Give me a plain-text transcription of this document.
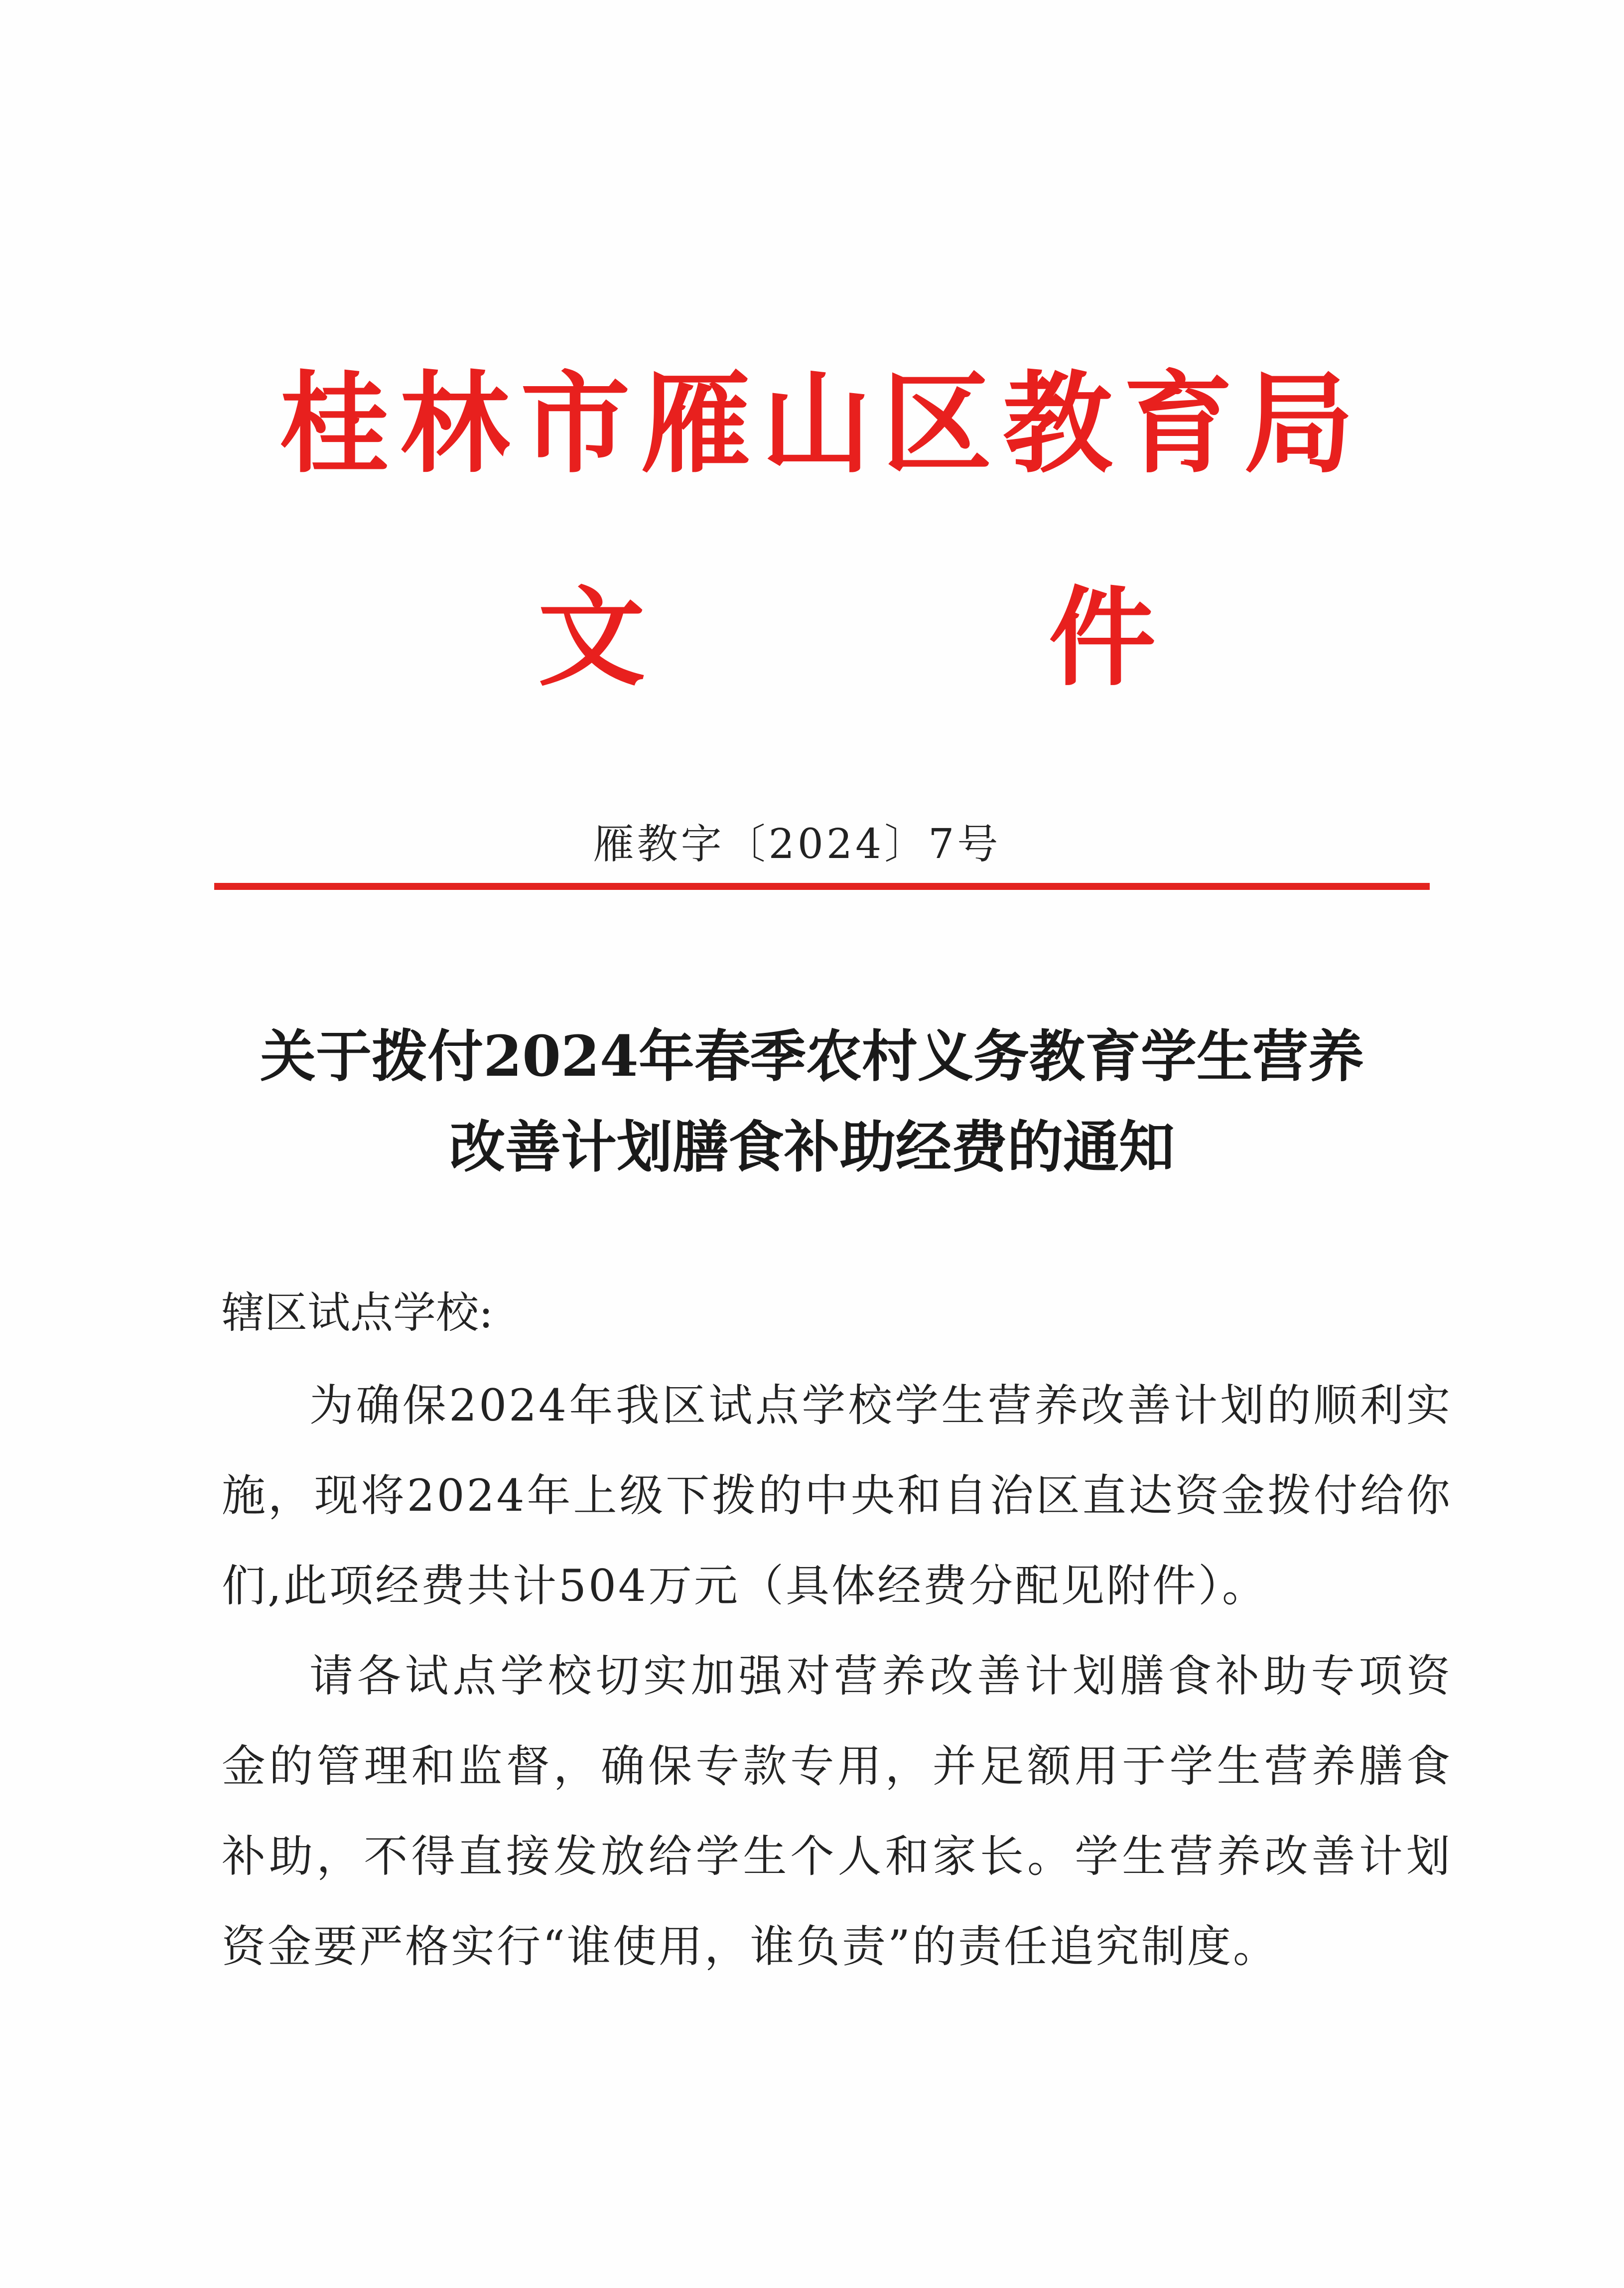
桂林市雁山区教育局
文	件
雁教字〔2024〕7号
关于拨付2024年春季农村义务教育学生营养
改善计划膳食补助经费的通知
辖区试点学校:

为确保2024年我区试点学校学生营养改善计划的顺利实施，现将2024年上级下拨的中央和自治区直达资金拨付给你们,此项经费共计504万元（具体经费分配见附件）。

请各试点学校切实加强对营养改善计划膳食补助专项资金的管理和监督，确保专款专用，并足额用于学生营养膳食补助，不得直接发放给学生个人和家长。学生营养改善计划资金要严格实行“谁使用，谁负责”的责任追究制度。
